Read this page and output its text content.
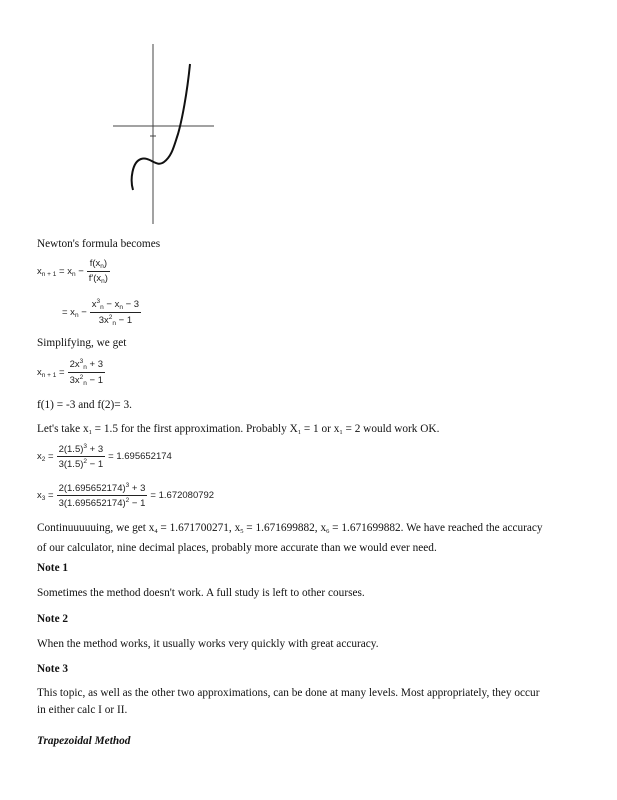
Newton's formula becomes
$x_{n + 1} = x_n - \frac{f(x_n)}{f'(x_n)}$
= $x_n - \frac{x^3_n - x_n - 3}{3x^2_n - 1}$
Simplifying, we get
$x_{n + 1} = \frac{2x^3_n + 3}{3x^2_n - 1}$
f(1) = -3 and f(2)= 3.
Let's take $x_1 = 1.5$ for the first approximation. Probably $X_1 = 1$ or $x_1 = 2$ would work OK.
$x_2 = \frac{2(1.5)^3 + 3}{3(1.5)^2 - 1} = 1.695652174$
$x_3 = \frac{2(1.695652174)^3 + 3}{3(1.695652174)^2 - 1} = 1.672080792$
Continuuuuuing, we get $x_4 = 1.671700271$, $x_5 = 1.671699882$, $x_6 = 1.671699882$. We have reached the accuracy
of our calculator, nine decimal places, probably more accurate than we would ever need.
Note 1
Sometimes the method doesn't work. A full study is left to other courses.
Note 2
When the method works, it usually works very quickly with great accuracy.
Note 3
This topic, as well as the other two approximations, can be done at many levels. Most appropriately, they occur
in either calc I or II.
Trapezoidal Method
